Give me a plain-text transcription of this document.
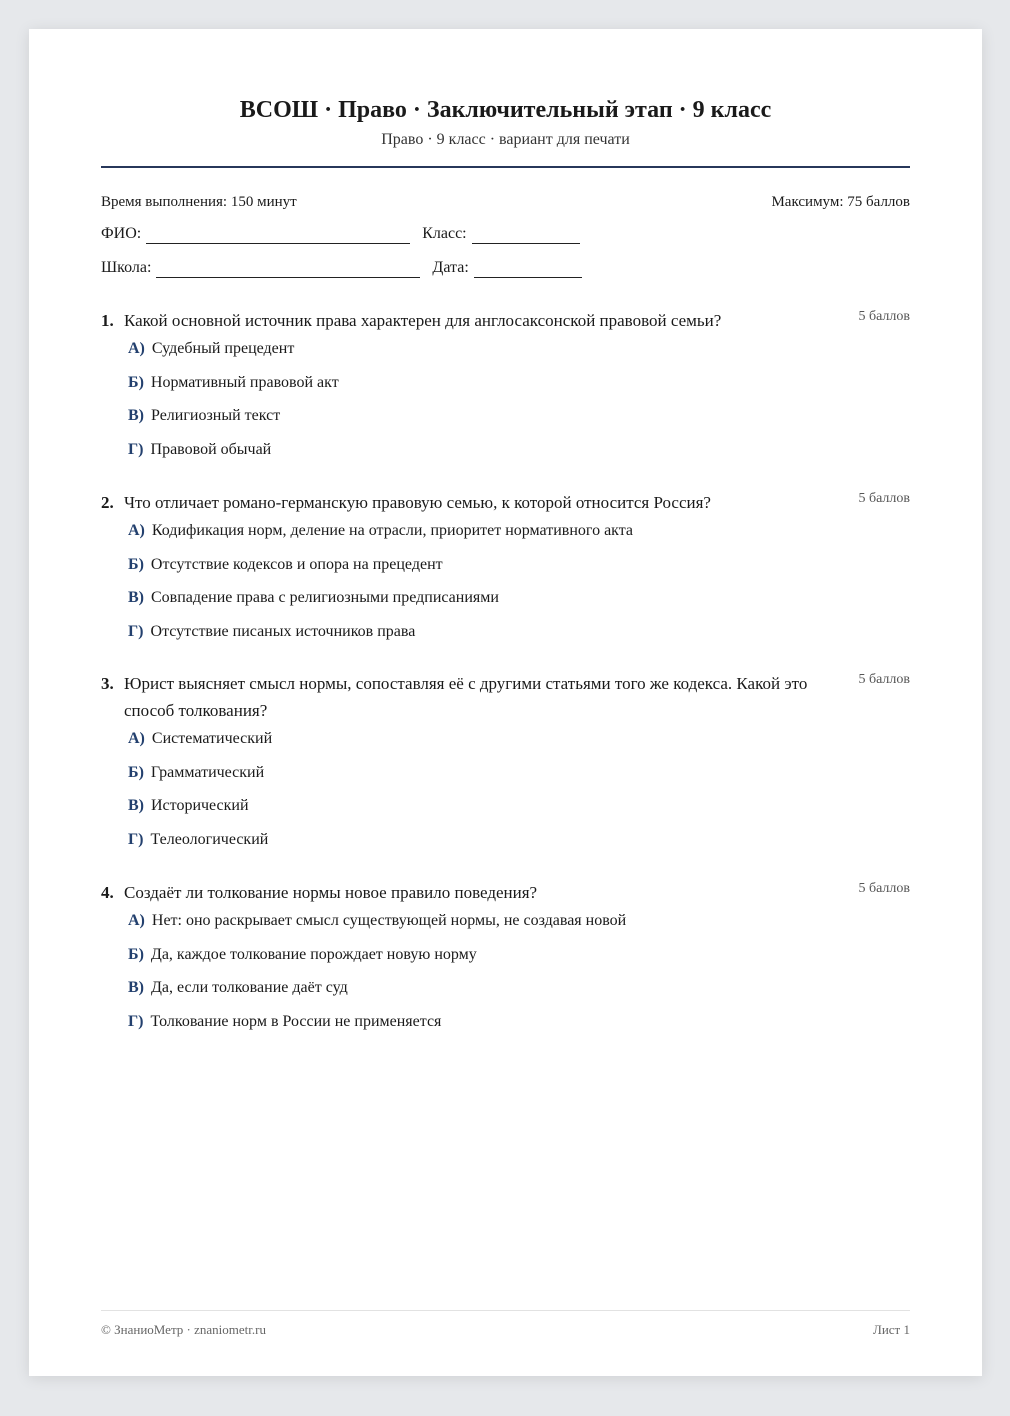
ВСОШ · Право · Заключительный этап · 9 класс
Право · 9 класс · вариант для печати
Время выполнения: 150 минут	Максимум: 75 баллов
ФИО:	Класс:
Школа:	Дата:
1. Какой основной источник права характерен для англосаксонской правовой семьи?	5 баллов
А) Судебный прецедент
Б) Нормативный правовой акт
В) Религиозный текст
Г) Правовой обычай
2. Что отличает романо-германскую правовую семью, к которой относится Россия?	5 баллов
А) Кодификация норм, деление на отрасли, приоритет нормативного акта
Б) Отсутствие кодексов и опора на прецедент
В) Совпадение права с религиозными предписаниями
Г) Отсутствие писаных источников права
3. Юрист выясняет смысл нормы, сопоставляя её с другими статьями того же кодекса. Какой это способ толкования?
5 баллов
А) Систематический
Б) Грамматический
В) Исторический
Г) Телеологический
4. Создаёт ли толкование нормы новое правило поведения?	5 баллов
А) Нет: оно раскрывает смысл существующей нормы, не создавая новой
Б) Да, каждое толкование порождает новую норму
В) Да, если толкование даёт суд
Г) Толкование норм в России не применяется
© ЗнаниоМетр · znaniometr.ru	Лист 1
